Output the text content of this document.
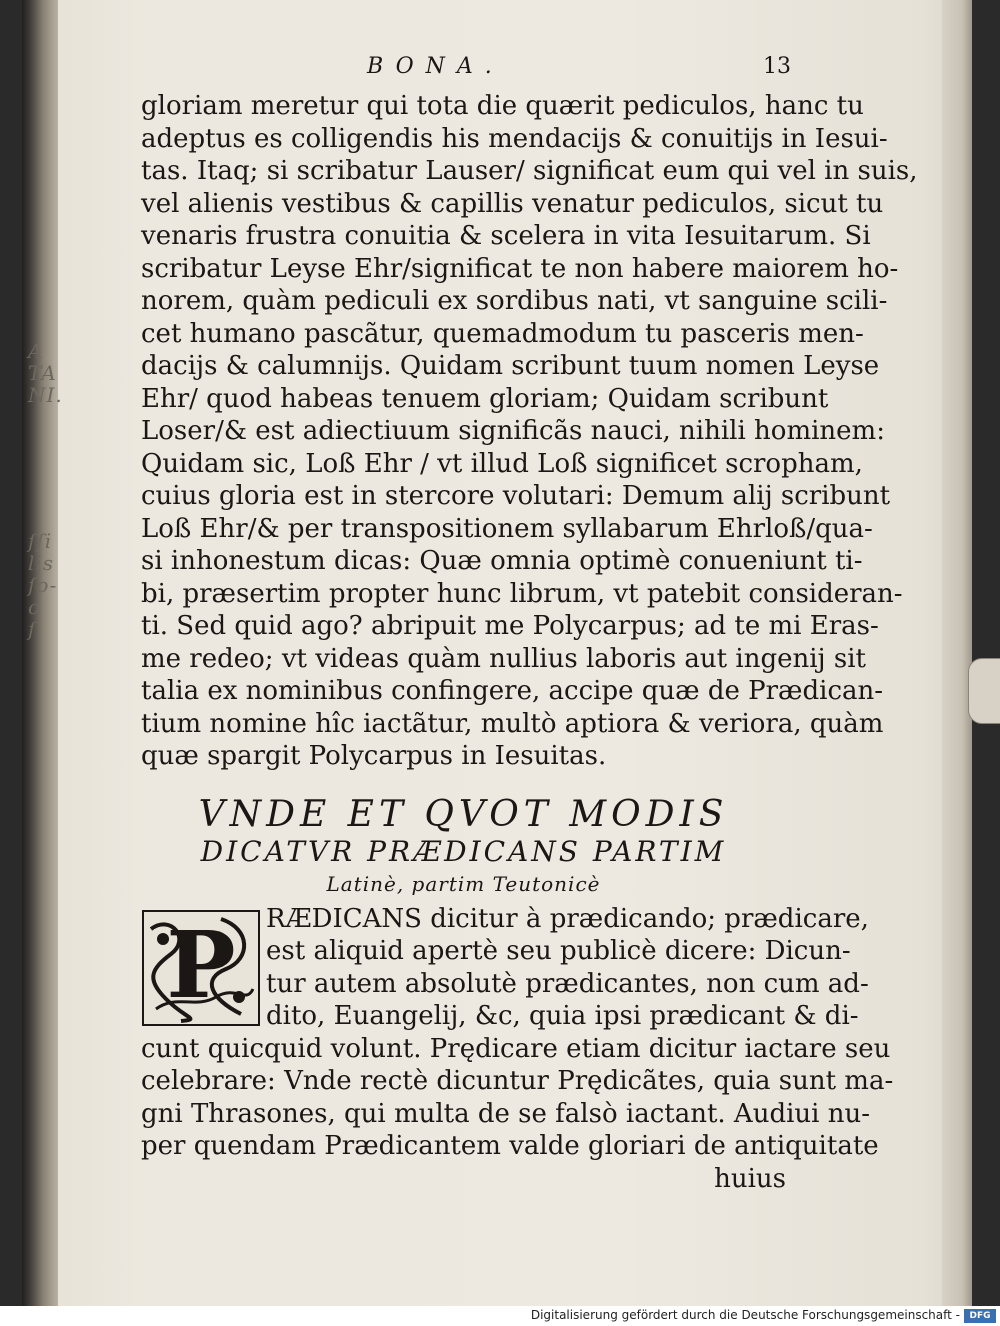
A
TA
NI.
ſſi
lis
ſo-
o
ſ
BONA.	13
gloriam meretur qui tota die quærit pediculos, hanc tu
adeptus es colligendis his mendacijs & conuitijs in Iesui-
tas. Itaq; si scribatur Lauser/ significat eum qui vel in suis,
vel alienis vestibus & capillis venatur pediculos, sicut tu
venaris frustra conuitia & scelera in vita Iesuitarum. Si
scribatur Leyse Ehr/significat te non habere maiorem ho-
norem, quàm pediculi ex sordibus nati, vt sanguine scili-
cet humano pascãtur, quemadmodum tu pasceris men-
dacijs & calumnijs. Quidam scribunt tuum nomen Leyse
Ehr/ quod habeas tenuem gloriam; Quidam scribunt
Loser/& est adiectiuum significãs nauci, nihili hominem:
Quidam sic, Loß Ehr / vt illud Loß significet scropham,
cuius gloria est in stercore volutari: Demum alij scribunt
Loß Ehr/& per transpositionem syllabarum Ehrloß/qua-
si inhonestum dicas: Quæ omnia optimè conueniunt ti-
bi, præsertim propter hunc librum, vt patebit consideran-
ti. Sed quid ago? abripuit me Polycarpus; ad te mi Eras-
me redeo; vt videas quàm nullius laboris aut ingenij sit
talia ex nominibus confingere, accipe quæ de Prædican-
tium nomine hîc iactãtur, multò aptiora & veriora, quàm
quæ spargit Polycarpus in Iesuitas.
VNDE ET QVOT MODIS
DICATVR PRÆDICANS PARTIM
Latinè, partim Teutonicè
P RÆDICANS dicitur à prædicando; prædicare,
est aliquid apertè seu publicè dicere: Dicun-
tur autem absolutè prædicantes, non cum ad-
dito, Euangelij, &c, quia ipsi prædicant & di-
cunt quicquid volunt. Prędicare etiam dicitur iactare seu
celebrare: Vnde rectè dicuntur Prędicãtes, quia sunt ma-
gni Thrasones, qui multa de se falsò iactant. Audiui nu-
per quendam Prædicantem valde gloriari de antiquitate
huius
Digitalisierung gefördert durch die Deutsche Forschungsgemeinschaft -	DFG
